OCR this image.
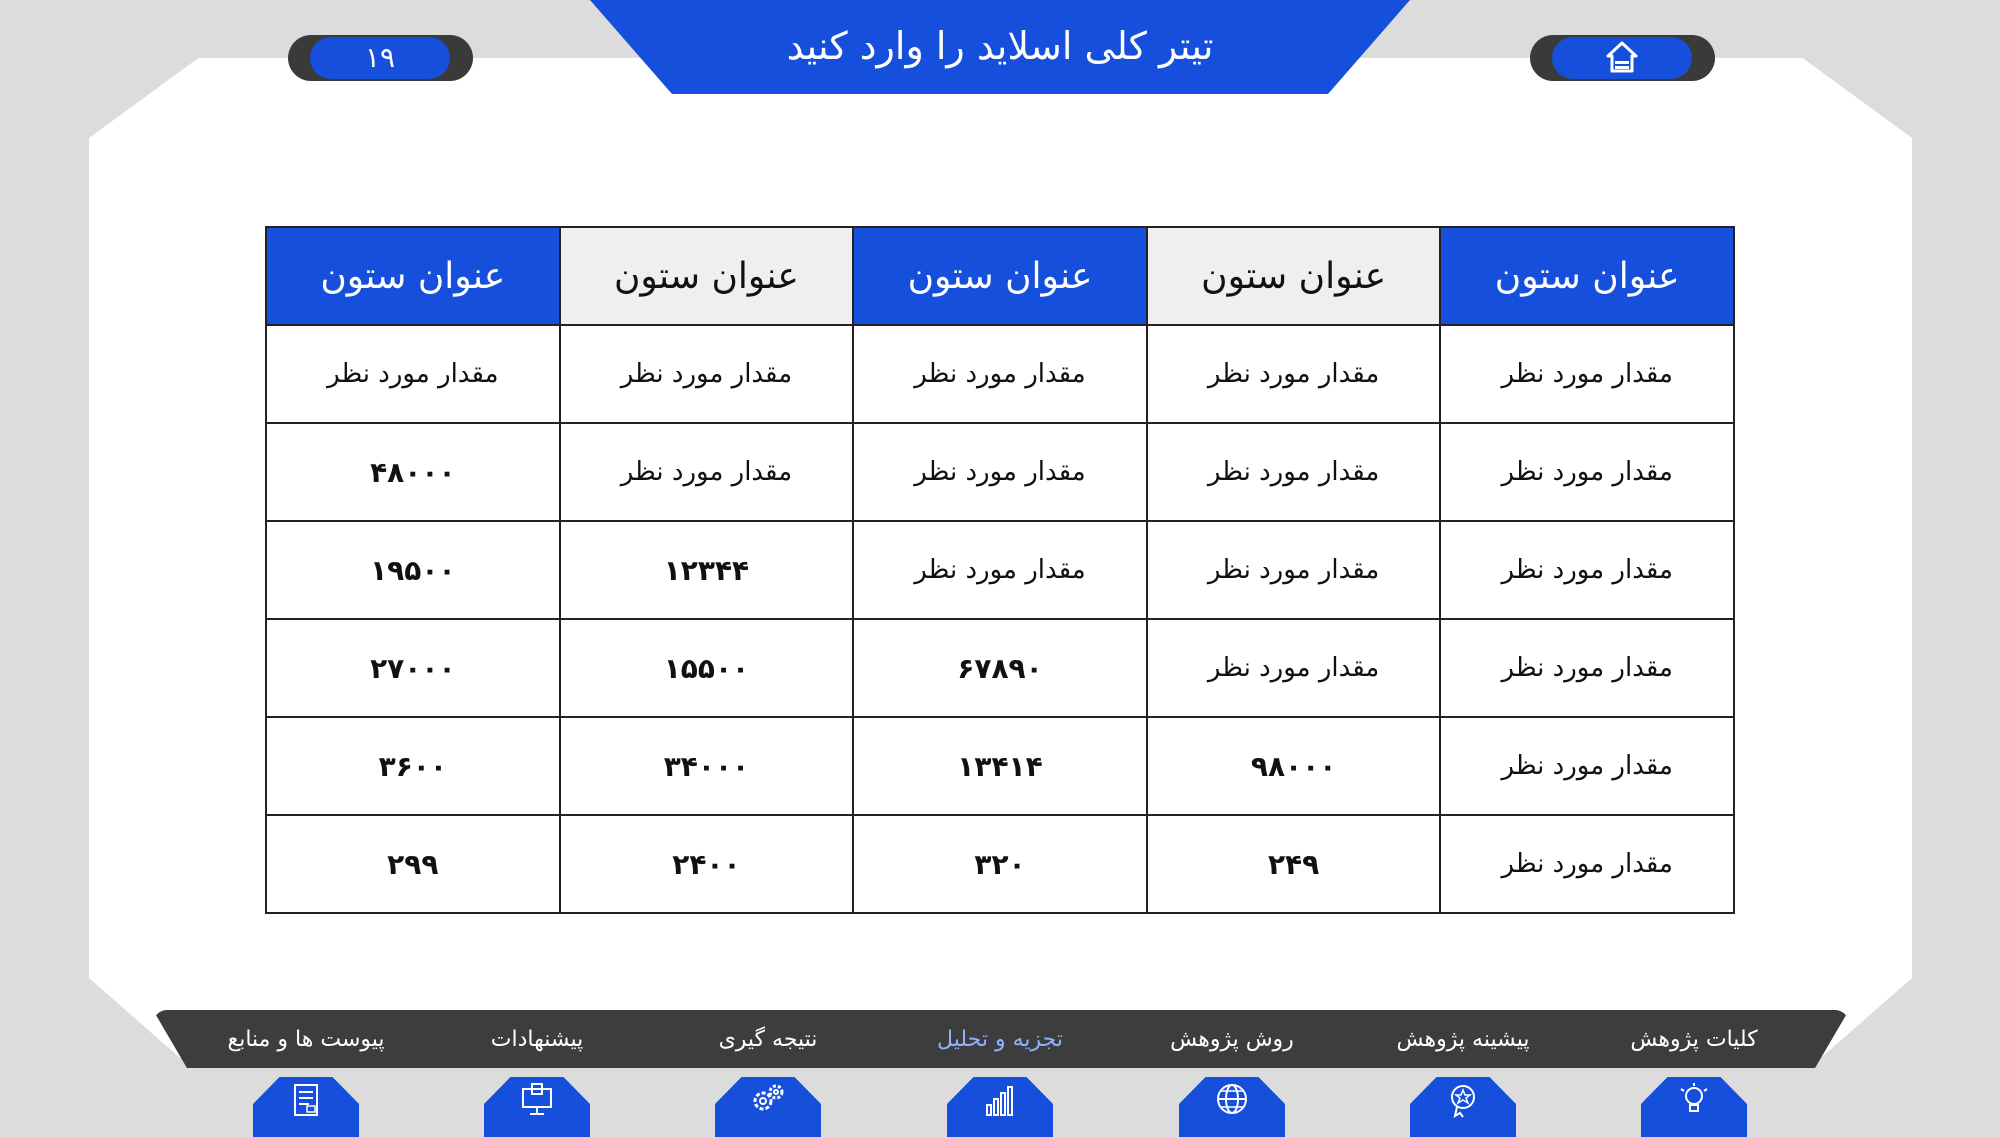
تیتر کلی اسلاید را وارد کنید
۱۹
عنوان ستون	عنوان ستون	عنوان ستون	عنوان ستون	عنوان ستون
مقدار مورد نظر	مقدار مورد نظر	مقدار مورد نظر	مقدار مورد نظر	مقدار مورد نظر
مقدار مورد نظر	مقدار مورد نظر	مقدار مورد نظر	مقدار مورد نظر	۴۸۰۰۰
مقدار مورد نظر	مقدار مورد نظر	مقدار مورد نظر	۱۲۳۴۴	۱۹۵۰۰
مقدار مورد نظر	مقدار مورد نظر	۶۷۸۹۰	۱۵۵۰۰	۲۷۰۰۰
مقدار مورد نظر	۹۸۰۰۰	۱۳۴۱۴	۳۴۰۰۰	۳۶۰۰
مقدار مورد نظر	۲۴۹	۳۲۰	۲۴۰۰	۲۹۹
کلیات پژوهش
پیشینه پژوهش
روش پژوهش
تجزیه و تحلیل
نتیجه گیری
پیشنهادات
پیوست ها و منابع
